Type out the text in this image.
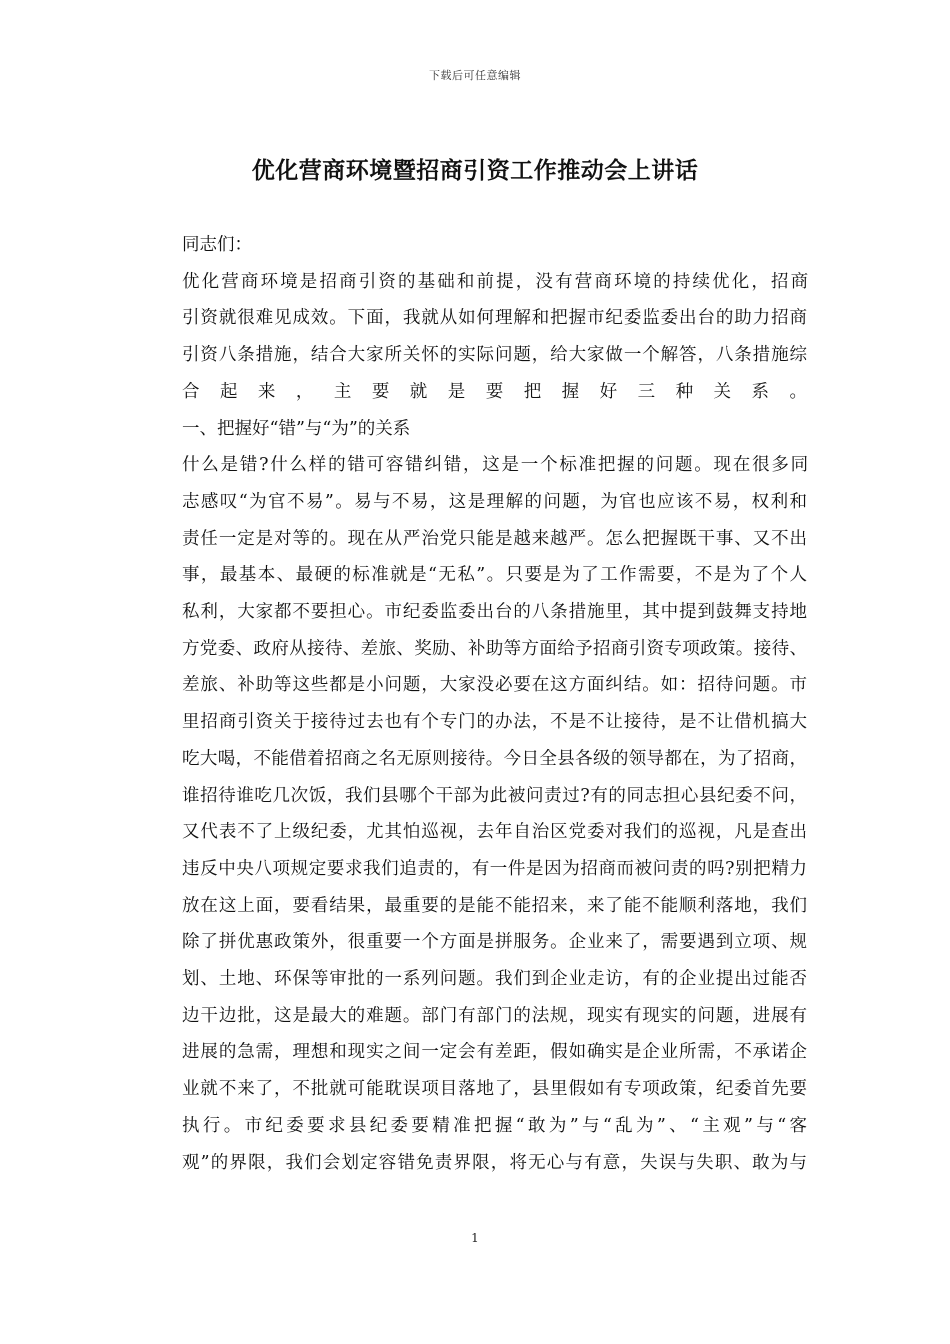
下载后可任意编辑
优化营商环境暨招商引资工作推动会上讲话

同志们：

优化营商环境是招商引资的基础和前提，没有营商环境的持续优化，招商
引资就很难见成效。下面，我就从如何理解和把握市纪委监委出台的助力招商
引资八条措施，结合大家所关怀的实际问题，给大家做一个解答，八条措施综
合起来，主要就是要把握好三种关系。

一、把握好“错”与“为”的关系

什么是错?什么样的错可容错纠错，这是一个标准把握的问题。现在很多同
志感叹“为官不易”。易与不易，这是理解的问题，为官也应该不易，权利和
责任一定是对等的。现在从严治党只能是越来越严。怎么把握既干事、又不出
事，最基本、最硬的标准就是“无私”。只要是为了工作需要，不是为了个人
私利，大家都不要担心。市纪委监委出台的八条措施里，其中提到鼓舞支持地
方党委、政府从接待、差旅、奖励、补助等方面给予招商引资专项政策。接待、
差旅、补助等这些都是小问题，大家没必要在这方面纠结。如：招待问题。市
里招商引资关于接待过去也有个专门的办法，不是不让接待，是不让借机搞大
吃大喝，不能借着招商之名无原则接待。今日全县各级的领导都在，为了招商，
谁招待谁吃几次饭，我们县哪个干部为此被问责过?有的同志担心县纪委不问，
又代表不了上级纪委，尤其怕巡视，去年自治区党委对我们的巡视，凡是查出
违反中央八项规定要求我们追责的，有一件是因为招商而被问责的吗?别把精力
放在这上面，要看结果，最重要的是能不能招来，来了能不能顺利落地，我们
除了拼优惠政策外，很重要一个方面是拼服务。企业来了，需要遇到立项、规
划、土地、环保等审批的一系列问题。我们到企业走访，有的企业提出过能否
边干边批，这是最大的难题。部门有部门的法规，现实有现实的问题，进展有
进展的急需，理想和现实之间一定会有差距，假如确实是企业所需，不承诺企
业就不来了，不批就可能耽误项目落地了，县里假如有专项政策，纪委首先要
执行。市纪委要求县纪委要精准把握“敢为”与“乱为”、“主观”与“客
观”的界限，我们会划定容错免责界限，将无心与有意，失误与失职、敢为与

1
